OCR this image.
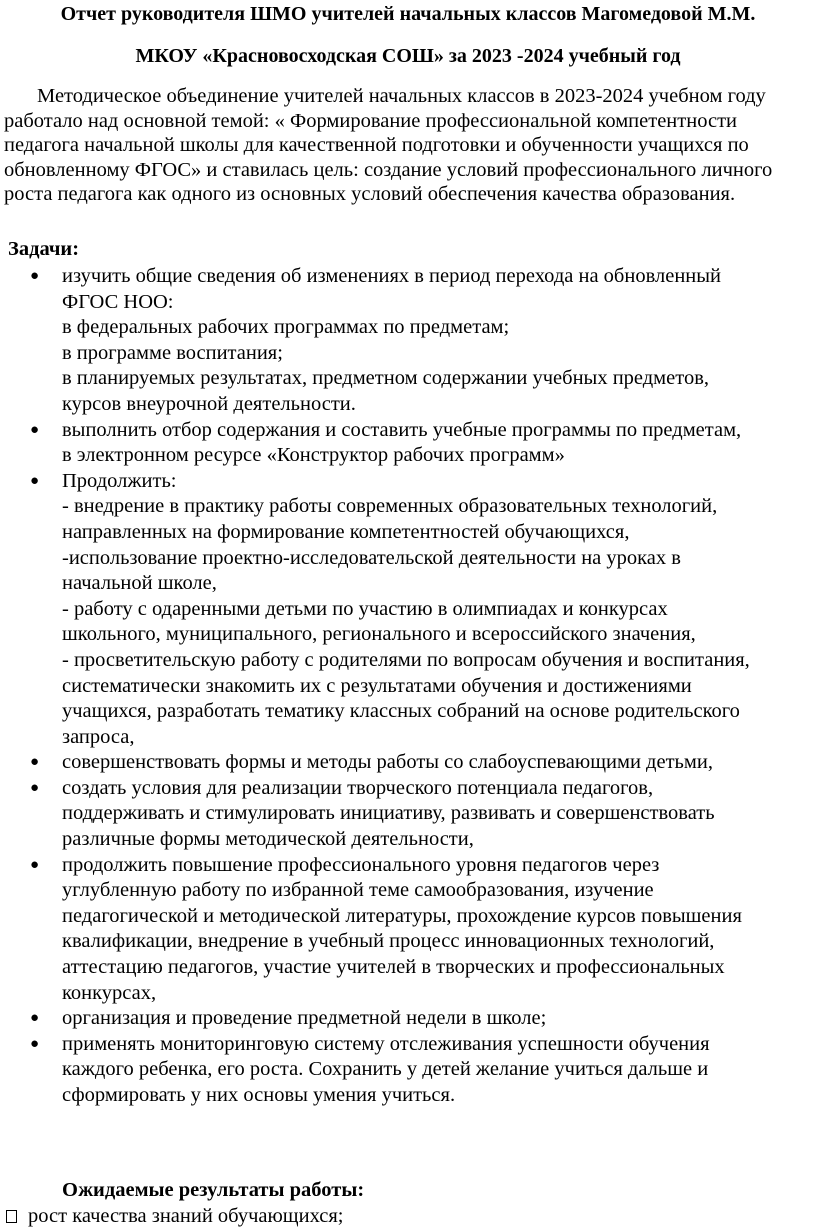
Отчет руководителя ШМО учителей начальных классов Магомедовой М.М.
МКОУ «Красновосходская СОШ» за 2023 -2024 учебный год

Методическое объединение учителей начальных классов в 2023-2024 учебном году работало над основной темой: « Формирование профессиональной компетентности педагога начальной школы для качественной подготовки и обученности учащихся по обновленному ФГОС» и ставилась цель: создание условий профессионального личного роста педагога как одного из основных условий обеспечения качества образования.

Задачи:

● изучить общие сведения об изменениях в период перехода на обновленный
ФГОС НОО:
в федеральных рабочих программах по предметам;
в программе воспитания;
в планируемых результатах, предметном содержании учебных предметов,
курсов внеурочной деятельности.
● выполнить отбор содержания и составить учебные программы по предметам,
в электронном ресурсе «Конструктор рабочих программ»
● Продолжить:
- внедрение в практику работы современных образовательных технологий,
направленных на формирование компетентностей обучающихся,
-использование проектно-исследовательской деятельности на уроках в
начальной школе,
- работу с одаренными детьми по участию в олимпиадах и конкурсах
школьного, муниципального, регионального и всероссийского значения,
- просветительскую работу с родителями по вопросам обучения и воспитания,
систематически знакомить их с результатами обучения и достижениями
учащихся, разработать тематику классных собраний на основе родительского
запроса,
● совершенствовать формы и методы работы со слабоуспевающими детьми,
● создать условия для реализации творческого потенциала педагогов,
поддерживать и стимулировать инициативу, развивать и совершенствовать
различные формы методической деятельности,
● продолжить повышение профессионального уровня педагогов через
углубленную работу по избранной теме самообразования, изучение
педагогической и методической литературы, прохождение курсов повышения
квалификации, внедрение в учебный процесс инновационных технологий,
аттестацию педагогов, участие учителей в творческих и профессиональных
конкурсах,
● организация и проведение предметной недели в школе;
● применять мониторинговую систему отслеживания успешности обучения
каждого ребенка, его роста. Сохранить у детей желание учиться дальше и
сформировать у них основы умения учиться.

Ожидаемые результаты работы:

рост качества знаний обучающихся;
